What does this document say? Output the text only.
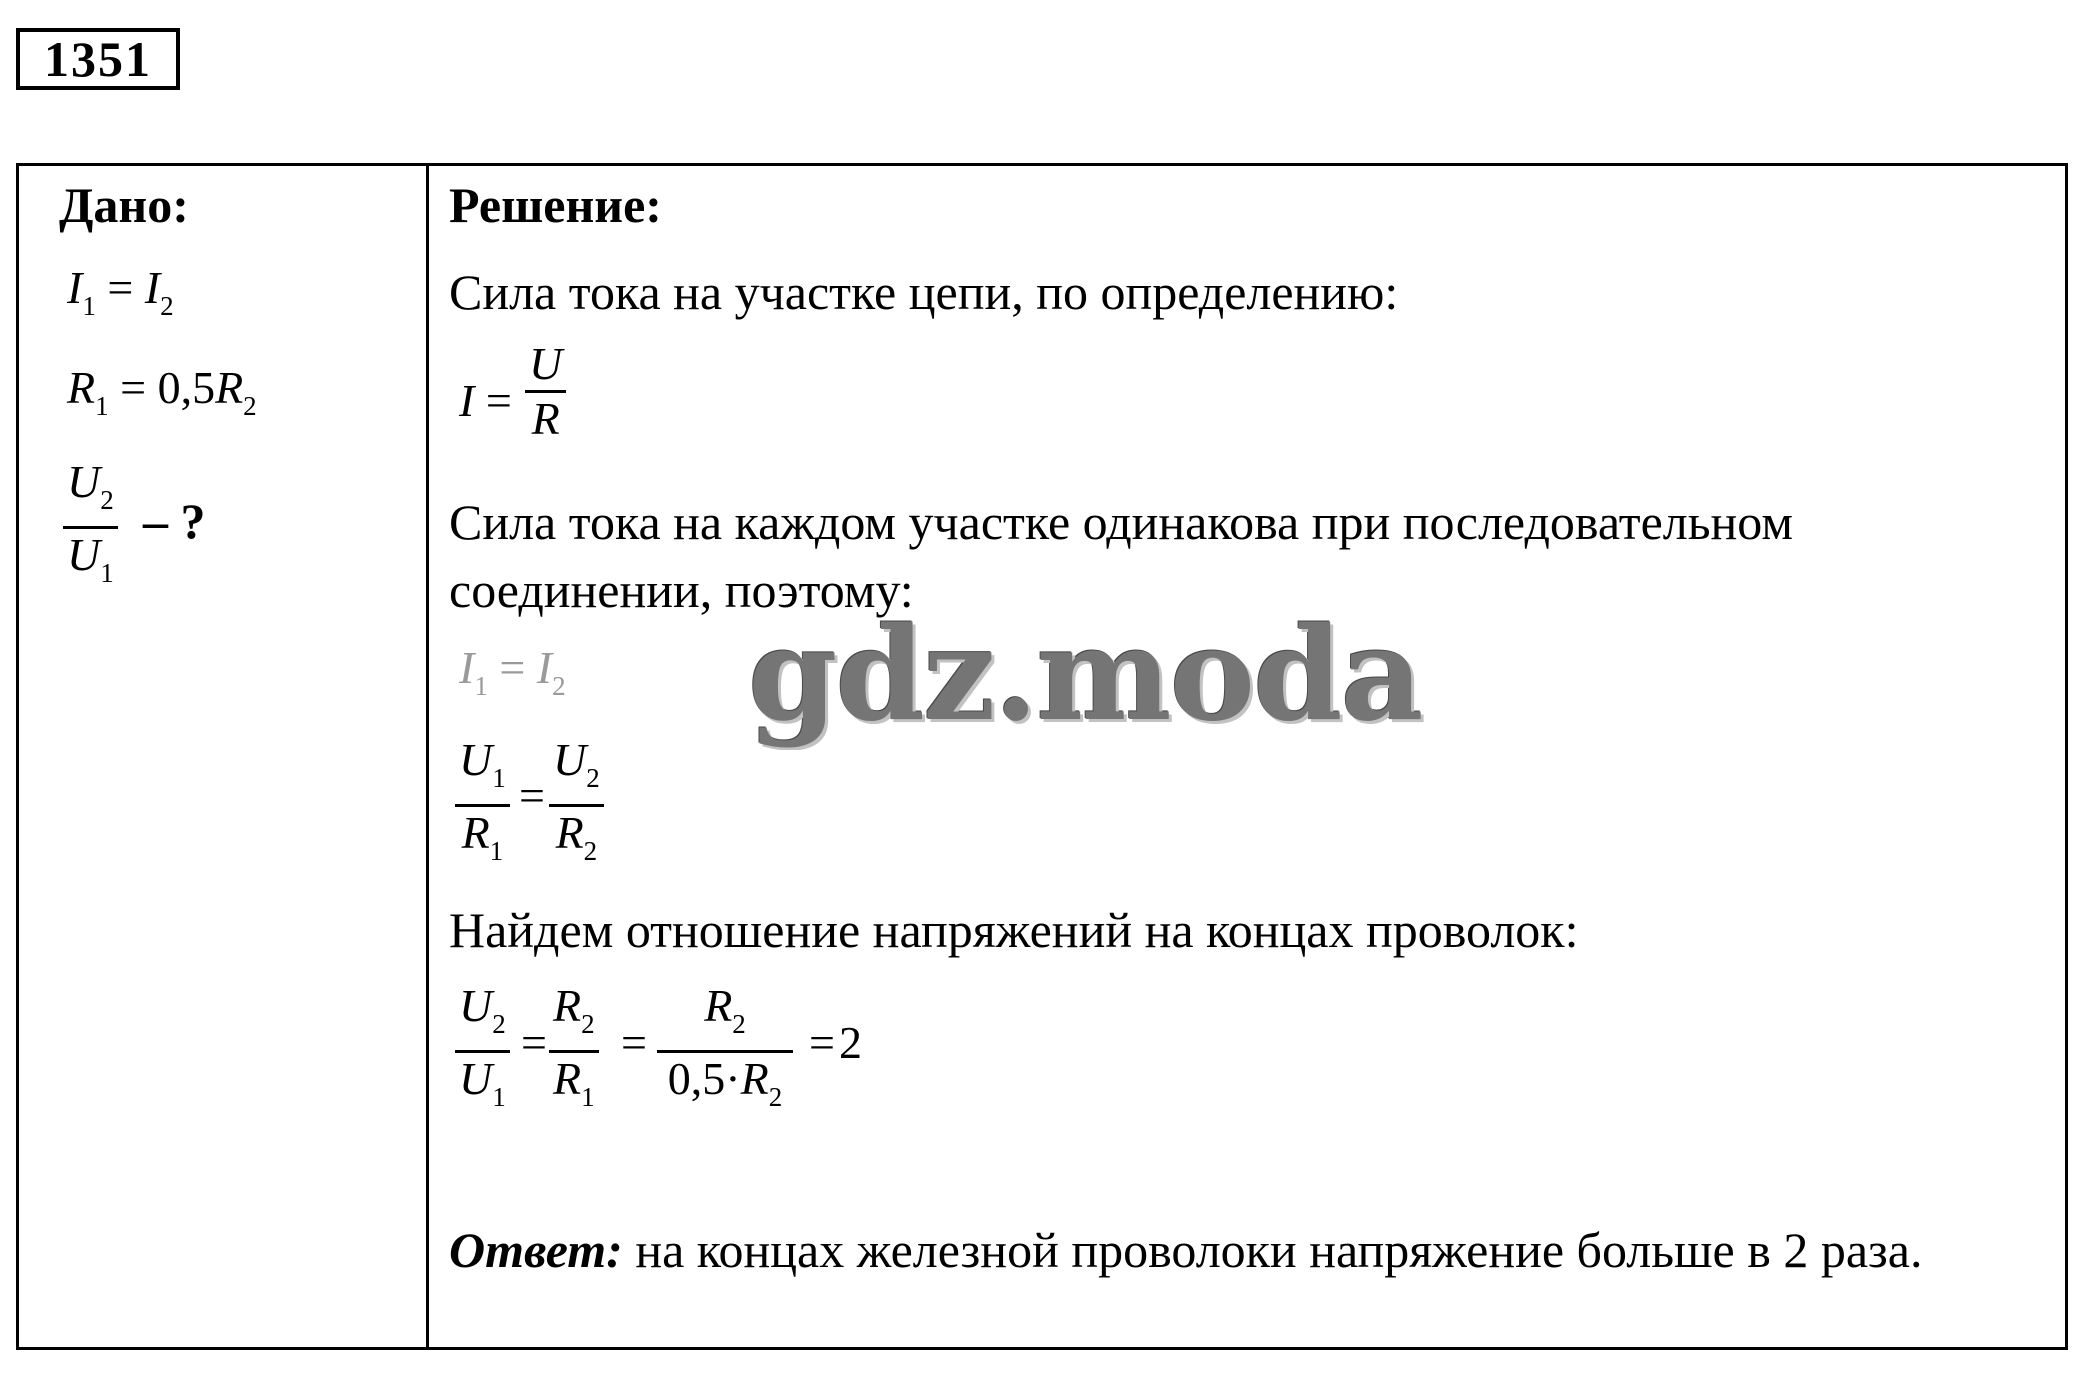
1351
Дано:
$I_1 = I_2$
$R_1 = 0,5R_2$
$U_2$
$U_1$
– ?
Решение:
Сила тока на участке цепи, по определению:
I =
U
R
Сила тока на каждом участке одинакова при последовательном
соединении, поэтому:
$I_1 = I_2$
$U_1$
$R_1$
=
$U_2$
$R_2$
Найдем отношение напряжений на концах проволок:
$U_2$
$U_1$
=
$R_2$
$R_1$
=
$R_2$
$0,5\cdot R_2$
= 2
Ответ: на концах железной проволоки напряжение больше в 2 раза.
gdz.moda
